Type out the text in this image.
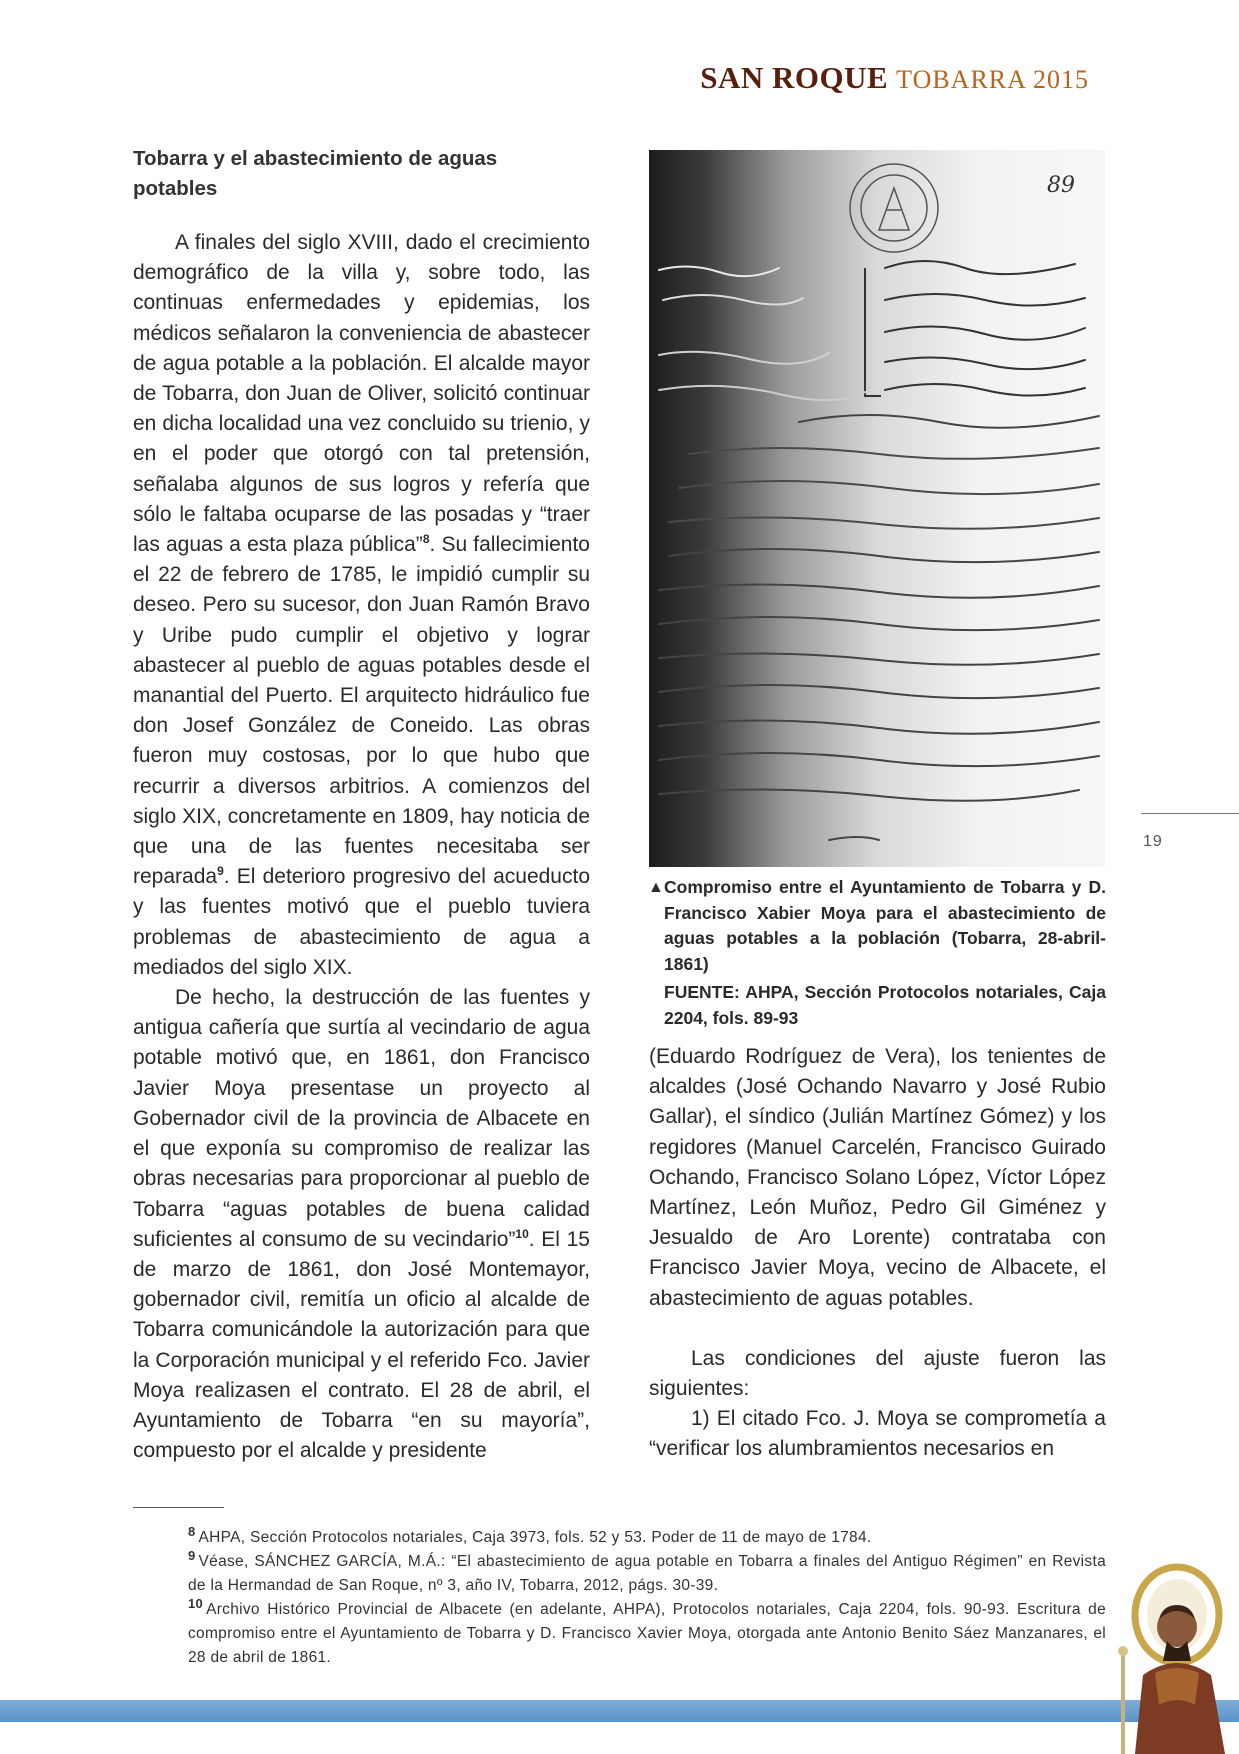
SAN ROQUE TOBARRA 2015
Tobarra y el abastecimiento de aguas potables

A finales del siglo XVIII, dado el crecimiento demográfico de la villa y, sobre todo, las continuas enfermedades y epidemias, los médicos señalaron la conveniencia de abastecer de agua potable a la población. El alcalde mayor de Tobarra, don Juan de Oliver, solicitó continuar en dicha localidad una vez concluido su trienio, y en el poder que otorgó con tal pretensión, señalaba algunos de sus logros y refería que sólo le faltaba ocuparse de las posadas y “traer las aguas a esta plaza pública”$^8$. Su fallecimiento el 22 de febrero de 1785, le impidió cumplir su deseo. Pero su sucesor, don Juan Ramón Bravo y Uribe pudo cumplir el objetivo y lograr abastecer al pueblo de aguas potables desde el manantial del Puerto. El arquitecto hidráulico fue don Josef González de Coneido. Las obras fueron muy costosas, por lo que hubo que recurrir a diversos arbitrios. A comienzos del siglo XIX, concretamente en 1809, hay noticia de que una de las fuentes necesitaba ser reparada$^9$. El deterioro progresivo del acueducto y las fuentes motivó que el pueblo tuviera problemas de abastecimiento de agua a mediados del siglo XIX.

De hecho, la destrucción de las fuentes y antigua cañería que surtía al vecindario de agua potable motivó que, en 1861, don Francisco Javier Moya presentase un proyecto al Gobernador civil de la provincia de Albacete en el que exponía su compromiso de realizar las obras necesarias para proporcionar al pueblo de Tobarra “aguas potables de buena calidad suficientes al consumo de su vecindario”$^{10}$. El 15 de marzo de 1861, don José Montemayor, gobernador civil, remitía un oficio al alcalde de Tobarra comunicándole la autorización para que la Corporación municipal y el referido Fco. Javier Moya realizasen el contrato. El 28 de abril, el Ayuntamiento de Tobarra “en su mayoría”, compuesto por el alcalde y presidente

89
▲ Compromiso entre el Ayuntamiento de Tobarra y D. Francisco Xabier Moya para el abastecimiento de aguas potables a la población (Tobarra, 28-abril-1861)
FUENTE: AHPA, Sección Protocolos notariales, Caja 2204, fols. 89-93

(Eduardo Rodríguez de Vera), los tenientes de alcaldes (José Ochando Navarro y José Rubio Gallar), el síndico (Julián Martínez Gómez) y los regidores (Manuel Carcelén, Francisco Guirado Ochando, Francisco Solano López, Víctor López Martínez, León Muñoz, Pedro Gil Giménez y Jesualdo de Aro Lorente) contrataba con Francisco Javier Moya, vecino de Albacete, el abastecimiento de aguas potables.

Las condiciones del ajuste fueron las siguientes:

1) El citado Fco. J. Moya se comprometía a “verificar los alumbramientos necesarios en

19
$^8$ AHPA, Sección Protocolos notariales, Caja 3973, fols. 52 y 53. Poder de 11 de mayo de 1784.
$^9$ Véase, SÁNCHEZ GARCÍA, M.Á.: “El abastecimiento de agua potable en Tobarra a finales del Antiguo Régimen” en Revista de la Hermandad de San Roque, nº 3, año IV, Tobarra, 2012, págs. 30-39.
$^{10}$ Archivo Histórico Provincial de Albacete (en adelante, AHPA), Protocolos notariales, Caja 2204, fols. 90-93. Escritura de compromiso entre el Ayuntamiento de Tobarra y D. Francisco Xavier Moya, otorgada ante Antonio Benito Sáez Manzanares, el 28 de abril de 1861.
